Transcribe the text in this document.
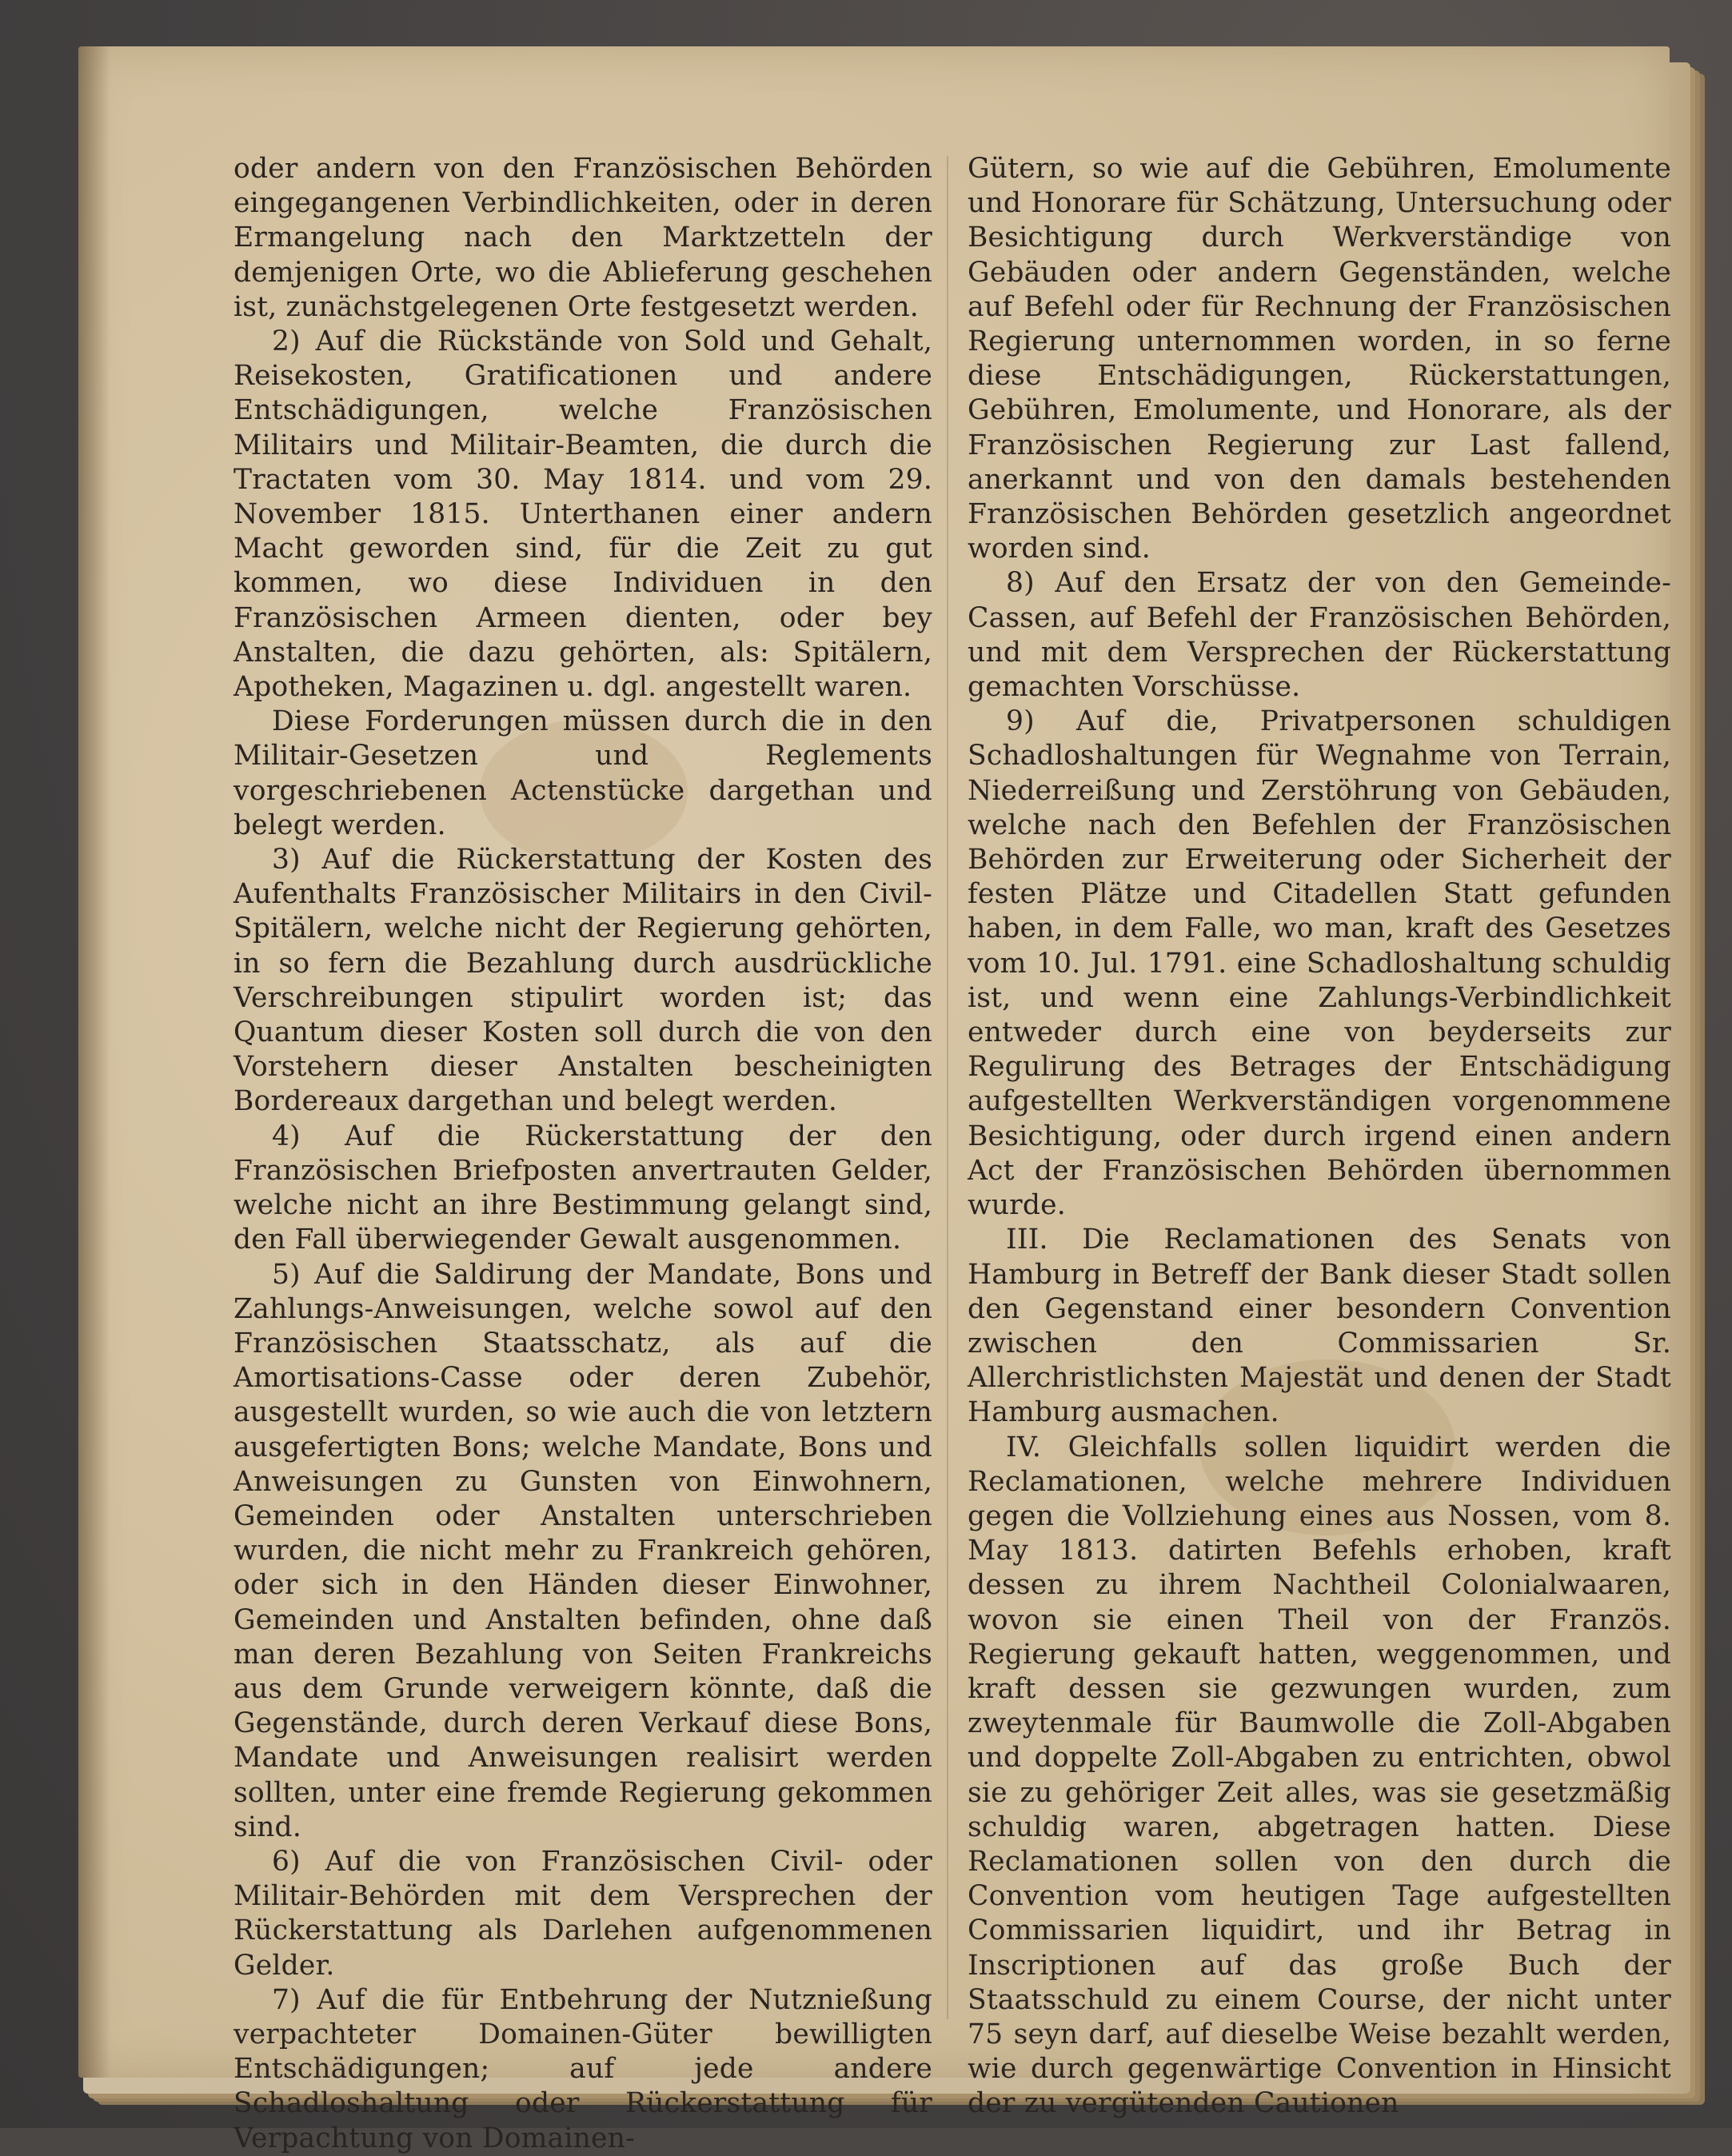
oder andern von den Französischen Behörden eingegangenen Verbindlichkeiten, oder in deren Ermangelung nach den Marktzetteln der demjenigen Orte, wo die Ablieferung geschehen ist, zunächstgelegenen Orte festgesetzt werden.

2) Auf die Rückstände von Sold und Gehalt, Reisekosten, Gratificationen und andere Entschädigungen, welche Französischen Militairs und Militair-Beamten, die durch die Tractaten vom 30. May 1814. und vom 29. November 1815. Unterthanen einer andern Macht geworden sind, für die Zeit zu gut kommen, wo diese Individuen in den Französischen Armeen dienten, oder bey Anstalten, die dazu gehörten, als: Spitälern, Apotheken, Magazinen u. dgl. angestellt waren.

Diese Forderungen müssen durch die in den Militair-Gesetzen und Reglements vorgeschriebenen Actenstücke dargethan und belegt werden.

3) Auf die Rückerstattung der Kosten des Aufenthalts Französischer Militairs in den Civil-Spitälern, welche nicht der Regierung gehörten, in so fern die Bezahlung durch ausdrückliche Verschreibungen stipulirt worden ist; das Quantum dieser Kosten soll durch die von den Vorstehern dieser Anstalten bescheinigten Bordereaux dargethan und belegt werden.

4) Auf die Rückerstattung der den Französischen Briefposten anvertrauten Gelder, welche nicht an ihre Bestimmung gelangt sind, den Fall überwiegender Gewalt ausgenommen.

5) Auf die Saldirung der Mandate, Bons und Zahlungs-Anweisungen, welche sowol auf den Französischen Staatsschatz, als auf die Amortisations-Casse oder deren Zubehör, ausgestellt wurden, so wie auch die von letztern ausgefertigten Bons; welche Mandate, Bons und Anweisungen zu Gunsten von Einwohnern, Gemeinden oder Anstalten unterschrieben wurden, die nicht mehr zu Frankreich gehören, oder sich in den Händen dieser Einwohner, Gemeinden und Anstalten befinden, ohne daß man deren Bezahlung von Seiten Frankreichs aus dem Grunde verweigern könnte, daß die Gegenstände, durch deren Verkauf diese Bons, Mandate und Anweisungen realisirt werden sollten, unter eine fremde Regierung gekommen sind.

6) Auf die von Französischen Civil- oder Militair-Behörden mit dem Versprechen der Rückerstattung als Darlehen aufgenommenen Gelder.

7) Auf die für Entbehrung der Nutznießung verpachteter Domainen-Güter bewilligten Entschädigungen; auf jede andere Schadloshaltung oder Rückerstattung für Verpachtung von Domainen-

Gütern, so wie auf die Gebühren, Emolumente und Honorare für Schätzung, Untersuchung oder Besichtigung durch Werkverständige von Gebäuden oder andern Gegenständen, welche auf Befehl oder für Rechnung der Französischen Regierung unternommen worden, in so ferne diese Entschädigungen, Rückerstattungen, Gebühren, Emolumente, und Honorare, als der Französischen Regierung zur Last fallend, anerkannt und von den damals bestehenden Französischen Behörden gesetzlich angeordnet worden sind.

8) Auf den Ersatz der von den Gemeinde-Cassen, auf Befehl der Französischen Behörden, und mit dem Versprechen der Rückerstattung gemachten Vorschüsse.

9) Auf die, Privatpersonen schuldigen Schadloshaltungen für Wegnahme von Terrain, Niederreißung und Zerstöhrung von Gebäuden, welche nach den Befehlen der Französischen Behörden zur Erweiterung oder Sicherheit der festen Plätze und Citadellen Statt gefunden haben, in dem Falle, wo man, kraft des Gesetzes vom 10. Jul. 1791. eine Schadloshaltung schuldig ist, und wenn eine Zahlungs-Verbindlichkeit entweder durch eine von beyderseits zur Regulirung des Betrages der Entschädigung aufgestellten Werkverständigen vorgenommene Besichtigung, oder durch irgend einen andern Act der Französischen Behörden übernommen wurde.

III. Die Reclamationen des Senats von Hamburg in Betreff der Bank dieser Stadt sollen den Gegenstand einer besondern Convention zwischen den Commissarien Sr. Allerchristlichsten Majestät und denen der Stadt Hamburg ausmachen.

IV. Gleichfalls sollen liquidirt werden die Reclamationen, welche mehrere Individuen gegen die Vollziehung eines aus Nossen, vom 8. May 1813. datirten Befehls erhoben, kraft dessen zu ihrem Nachtheil Colonialwaaren, wovon sie einen Theil von der Französ. Regierung gekauft hatten, weggenommen, und kraft dessen sie gezwungen wurden, zum zweytenmale für Baumwolle die Zoll-Abgaben und doppelte Zoll-Abgaben zu entrichten, obwol sie zu gehöriger Zeit alles, was sie gesetzmäßig schuldig waren, abgetragen hatten. Diese Reclamationen sollen von den durch die Convention vom heutigen Tage aufgestellten Commissarien liquidirt, und ihr Betrag in Inscriptionen auf das große Buch der Staatsschuld zu einem Course, der nicht unter 75 seyn darf, auf dieselbe Weise bezahlt werden, wie durch gegenwärtige Convention in Hinsicht der zu vergütenden Cautionen
